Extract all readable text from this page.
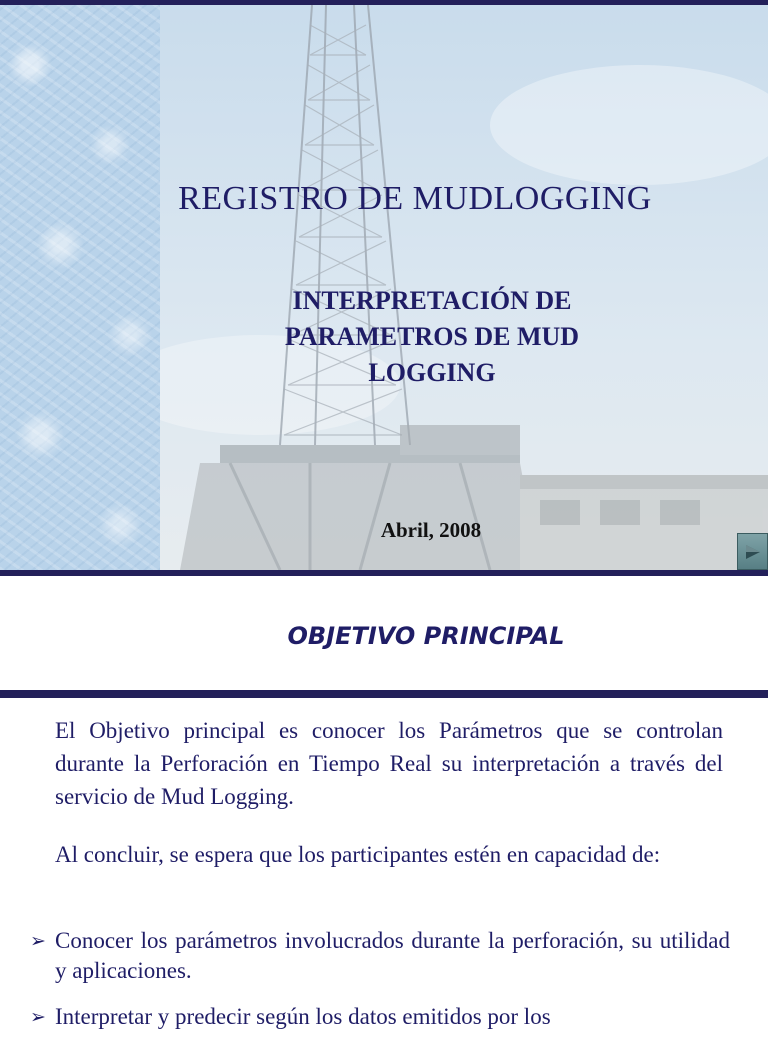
REGISTRO DE MUDLOGGING

INTERPRETACIÓN DE PARAMETROS DE MUD LOGGING

Abril, 2008

OBJETIVO PRINCIPAL

El Objetivo principal es conocer los Parámetros que se controlan durante la Perforación en Tiempo Real su interpretación a través del servicio de Mud Logging.

Al concluir, se espera que los participantes estén en capacidad de:

➢ Conocer los parámetros involucrados durante la perforación, su utilidad y aplicaciones.
➢ Interpretar y predecir según los datos emitidos por los
